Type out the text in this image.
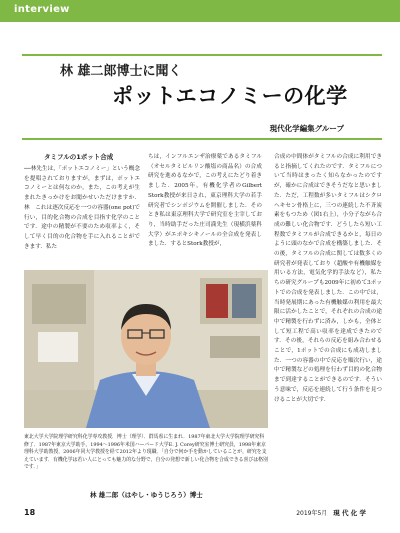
interview
林 雄二郎博士に聞く
ポットエコノミーの化学
現代化学編集グループ
タミフルの1ポット合成

──林先生は，「ポットエコノミー」という概念を提唱されておりますが，まずは，ポットエコノミーとは何なのか，また，この考えが生まれたきっかけをお聞かせいただけますか．林　これは逐次反応を一つの容器(one pot)で行い，目的化合物の合成を目指す化学のことです．途中の精製が不要のため収率よく，そして早く目的の化合物を手に入れることができます．私た

ちは，インフルエンザ治療薬であるタミフル（オセルタミビルリン酸塩の商品名）の合成研究を進めるなかで，この考えにたどり着きました．2005年，有機化学者のGilbert Stork教授が来日され，東京理科大学の若手研究者でシンポジウムを開催しました．そのとき私は東京理科大学で研究室を主宰しており，当時助手だった庄司満先生（現横浜薬科大学）がエポキシキノールの全合成を発表しました．するとStork教授が，

合成の中間体がタミフルの合成に利用できると指摘してくれたのです．タミフルについて当時はまったく知らなかったのですが，確かに合成はできそうだなと思いました．ただ，工程数が多いタミフルはシクロヘキセン骨格上に，三つの連続した不斉炭素をもつため（図1右上），小分子ながら合成の難しい化合物です．どうしたら短い工程数でタミフルが合成できるかと，毎日のように頭のなかで合成を構築しました．その後，タミフルの合成に関しては数多くの研究者が発表しており（超酸や有機触媒を用いる方法，電気化学的手法など），私たちの研究グループも2009年に初めて3ポットでの合成を発表しました．この中では，当時発展期にあった有機触媒の利用を最大限に活かしたことで，それぞれの合成の途中で精製を行わずに済み，しかも，全体として短工程で高い収率を達成できたのです．その後，それらの反応を組み合わせることで，1ポットでの合成にも成功しました．一つの容器の中で反応を順次行い，途中で精製などの処理を行わず目的の化合物まで到達することができるのです．そういう意味で，反応を連続して行う条件を見つけることが大切です．

東北大学大学院理学研究科化学専攻教授．博士（理学）．群馬県に生まれ．1987年東北大学大学院理学研究科修了．1987年東京大学助手，1994〜1996年米国ハーバード大学E. J. Corey研究室博士研究員，1998年東京理科大学助教授，2006年同大学教授を経て2012年より現職．「自分で何か手を動かしていることが，研究を支えています．有機化学は若い人にとっても魅力的な分野で，自分の発想で新しい化合物を合成できる喜びは格別です．」
林 雄二郎（はやし・ゆうじろう）博士
18	2019年5月 現 代 化 学
